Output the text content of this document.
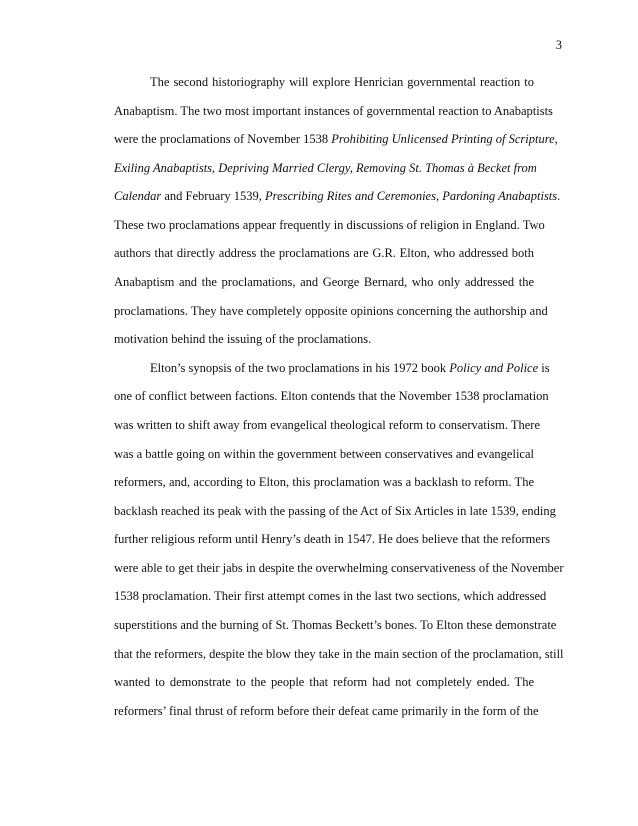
3
The second historiography will explore Henrician governmental reaction to
Anabaptism. The two most important instances of governmental reaction to Anabaptists
were the proclamations of November 1538 Prohibiting Unlicensed Printing of Scripture,
Exiling Anabaptists, Depriving Married Clergy, Removing St. Thomas à Becket from
Calendar and February 1539, Prescribing Rites and Ceremonies, Pardoning Anabaptists.
These two proclamations appear frequently in discussions of religion in England. Two
authors that directly address the proclamations are G.R. Elton, who addressed both
Anabaptism and the proclamations, and George Bernard, who only addressed the
proclamations. They have completely opposite opinions concerning the authorship and
motivation behind the issuing of the proclamations.
Elton’s synopsis of the two proclamations in his 1972 book Policy and Police is
one of conflict between factions. Elton contends that the November 1538 proclamation
was written to shift away from evangelical theological reform to conservatism. There
was a battle going on within the government between conservatives and evangelical
reformers, and, according to Elton, this proclamation was a backlash to reform. The
backlash reached its peak with the passing of the Act of Six Articles in late 1539, ending
further religious reform until Henry’s death in 1547. He does believe that the reformers
were able to get their jabs in despite the overwhelming conservativeness of the November
1538 proclamation. Their first attempt comes in the last two sections, which addressed
superstitions and the burning of St. Thomas Beckett’s bones. To Elton these demonstrate
that the reformers, despite the blow they take in the main section of the proclamation, still
wanted to demonstrate to the people that reform had not completely ended. The
reformers’ final thrust of reform before their defeat came primarily in the form of the
